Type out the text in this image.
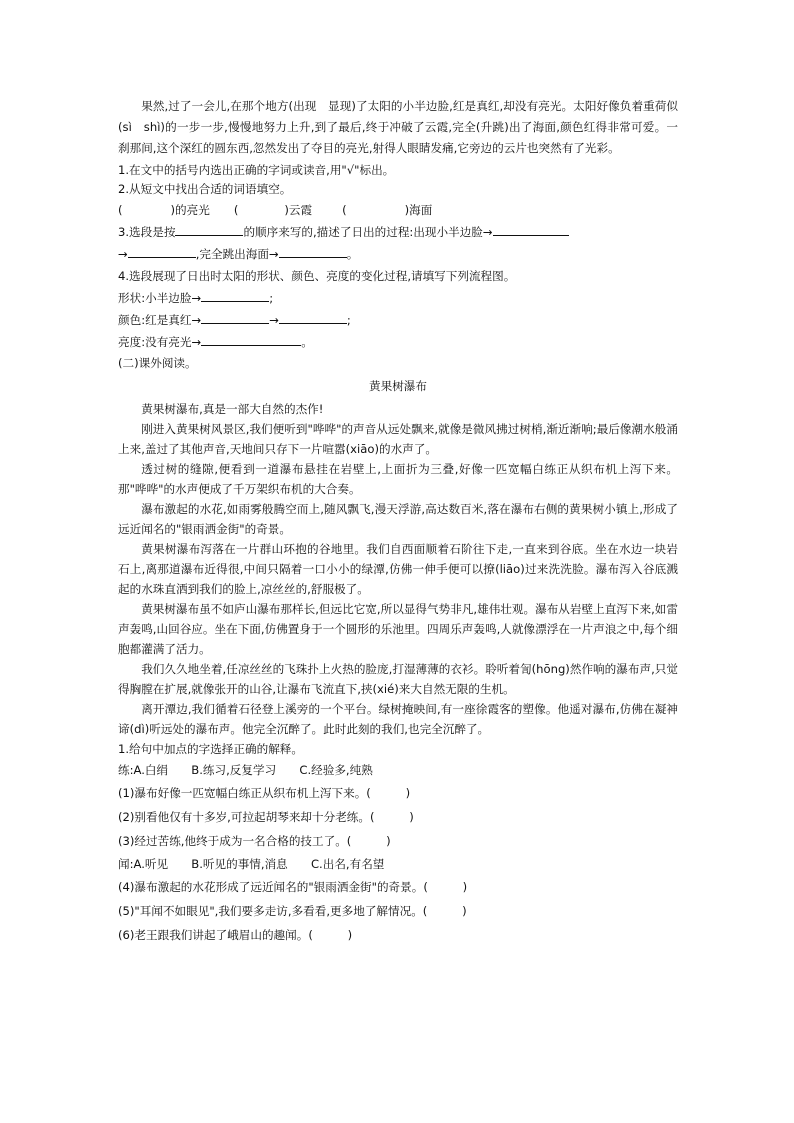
果然,过了一会儿,在那个地方(出现　显现)了太阳的小半边脸,红是真红,却没有亮光。太阳好像负着重荷似(sì　shì)的一步一步,慢慢地努力上升,到了最后,终于冲破了云霞,完全(升跳)出了海面,颜色红得非常可爱。一刹那间,这个深红的圆东西,忽然发出了夺目的亮光,射得人眼睛发痛,它旁边的云片也突然有了光彩。

1.在文中的括号内选出正确的字词或读音,用"√"标出。

2.从短文中找出合适的词语填空。

(	)的亮光 (	)云霞	(	)海面

3.选段是按	的顺序来写的,描述了日出的过程:出现小半边脸→

→	,完全跳出海面→	。

4.选段展现了日出时太阳的形状、颜色、亮度的变化过程,请填写下列流程图。

形状:小半边脸→	;

颜色:红是真红→	→	;

亮度:没有亮光→	。

(二)课外阅读。

黄果树瀑布

黄果树瀑布,真是一部大自然的杰作!

刚进入黄果树风景区,我们便听到"哗哗"的声音从远处飘来,就像是微风拂过树梢,渐近渐响;最后像潮水般涌上来,盖过了其他声音,天地间只存下一片喧嚣(xiāo)的水声了。

透过树的缝隙,便看到一道瀑布悬挂在岩壁上,上面折为三叠,好像一匹宽幅白练正从织布机上泻下来。那"哗哗"的水声便成了千万架织布机的大合奏。

瀑布激起的水花,如雨雾般腾空而上,随风飘飞,漫天浮游,高达数百米,落在瀑布右侧的黄果树小镇上,形成了远近闻名的"银雨洒金街"的奇景。

黄果树瀑布泻落在一片群山环抱的谷地里。我们自西面顺着石阶往下走,一直来到谷底。坐在水边一块岩石上,离那道瀑布近得很,中间只隔着一口小小的绿潭,仿佛一伸手便可以撩(liāo)过来洗洗脸。瀑布泻入谷底溅起的水珠直洒到我们的脸上,凉丝丝的,舒服极了。

黄果树瀑布虽不如庐山瀑布那样长,但远比它宽,所以显得气势非凡,雄伟壮观。瀑布从岩壁上直泻下来,如雷声轰鸣,山回谷应。坐在下面,仿佛置身于一个圆形的乐池里。四周乐声轰鸣,人就像漂浮在一片声浪之中,每个细胞都灌满了活力。

我们久久地坐着,任凉丝丝的飞珠扑上火热的脸庞,打湿薄薄的衣衫。聆听着訇(hōng)然作响的瀑布声,只觉得胸膛在扩展,就像张开的山谷,让瀑布飞流直下,挟(xié)来大自然无限的生机。

离开潭边,我们循着石径登上溪旁的一个平台。绿树掩映间,有一座徐霞客的塑像。他遥对瀑布,仿佛在凝神谛(dì)听远处的瀑布声。他完全沉醉了。此时此刻的我们,也完全沉醉了。

1.给句中加点的字选择正确的解释。

练:A.白绢　　B.练习,反复学习　　C.经验多,纯熟

(1)瀑布好像一匹宽幅白练正从织布机上泻下来。(　　　)

(2)别看他仅有十多岁,可拉起胡琴来却十分老练。(　　　)

(3)经过苦练,他终于成为一名合格的技工了。(　　　)

闻:A.听见　　B.听见的事情,消息　　C.出名,有名望

(4)瀑布激起的水花形成了远近闻名的"银雨洒金街"的奇景。(　　　)

(5)"耳闻不如眼见",我们要多走访,多看看,更多地了解情况。(　　　)

(6)老王跟我们讲起了峨眉山的趣闻。(　　　)
